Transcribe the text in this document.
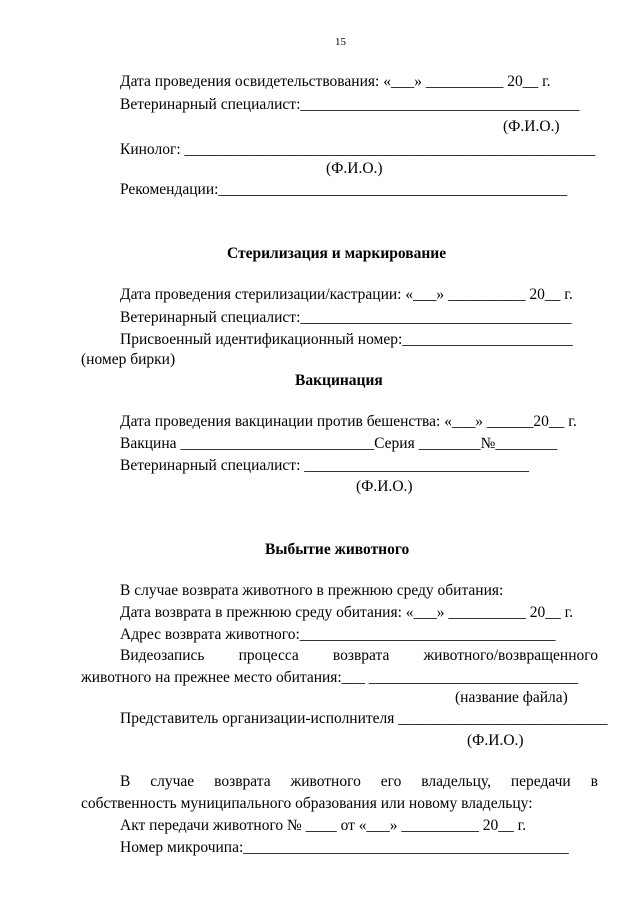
15
Дата проведения освидетельствования: «___» __________ 20__ г.
Ветеринарный специалист:____________________________________
(Ф.И.О.)
Кинолог: _____________________________________________________
(Ф.И.О.)
Рекомендации:_____________________________________________
Стерилизация и маркирование
Дата проведения стерилизации/кастрации: «___» __________ 20__ г.
Ветеринарный специалист:___________________________________
Присвоенный идентификационный номер:______________________
(номер бирки)
Вакцинация
Дата проведения вакцинации против бешенства: «___» ______20__ г.
Вакцина _________________________Серия ________№________
Ветеринарный специалист: _____________________________
(Ф.И.О.)
Выбытие животного
В случае возврата животного в прежнюю среду обитания:
Дата возврата в прежнюю среду обитания: «___» __________ 20__ г.
Адрес возврата животного:_________________________________
Видеозапись процесса возврата животного/возвращенного
животного на прежнее место обитания:___ ___________________________
(название файла)
Представитель организации-исполнителя ___________________________
(Ф.И.О.)
В случае возврата животного его владельцу, передачи в
собственность муниципального образования или новому владельцу:
Акт передачи животного № ____ от «___» __________ 20__ г.
Номер микрочипа:__________________________________________
